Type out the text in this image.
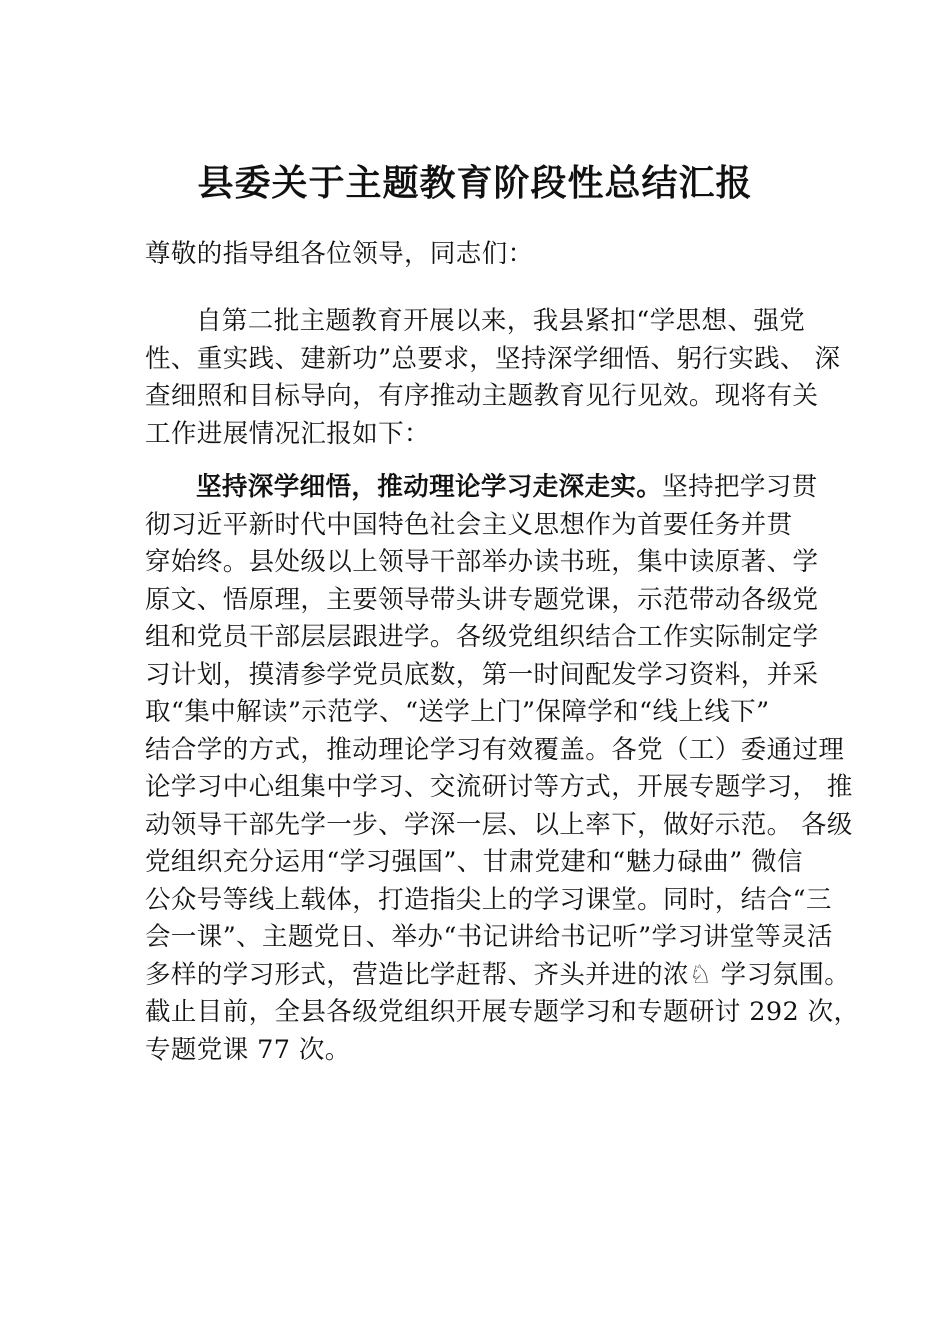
县委关于主题教育阶段性总结汇报
尊敬的指导组各位领导，同志们：
自第二批主题教育开展以来，我县紧扣“学思想、强党
性、重实践、建新功”总要求，坚持深学细悟、躬行实践、 深
查细照和目标导向，有序推动主题教育见行见效。现将有关
工作进展情况汇报如下：
坚持深学细悟，推动理论学习走深走实。坚持把学习贯
彻习近平新时代中国特色社会主义思想作为首要任务并贯
穿始终。县处级以上领导干部举办读书班，集中读原著、学
原文、悟原理，主要领导带头讲专题党课，示范带动各级党
组和党员干部层层跟进学。各级党组织结合工作实际制定学
习计划，摸清参学党员底数，第一时间配发学习资料，并采
取“集中解读”示范学、“送学上门”保障学和“线上线下”
结合学的方式，推动理论学习有效覆盖。各党（工）委通过理
论学习中心组集中学习、交流研讨等方式，开展专题学习， 推
动领导干部先学一步、学深一层、以上率下，做好示范。 各级
党组织充分运用“学习强国”、甘肃党建和“魅力碌曲” 微信
公众号等线上载体，打造指尖上的学习课堂。同时，结合“三
会一课”、主题党日、举办“书记讲给书记听”学习讲堂等灵活
多样的学习形式，营造比学赶帮、齐头并进的浓♘ 学习氛围。
截止目前，全县各级党组织开展专题学习和专题研讨 292 次，
专题党课 77 次。
